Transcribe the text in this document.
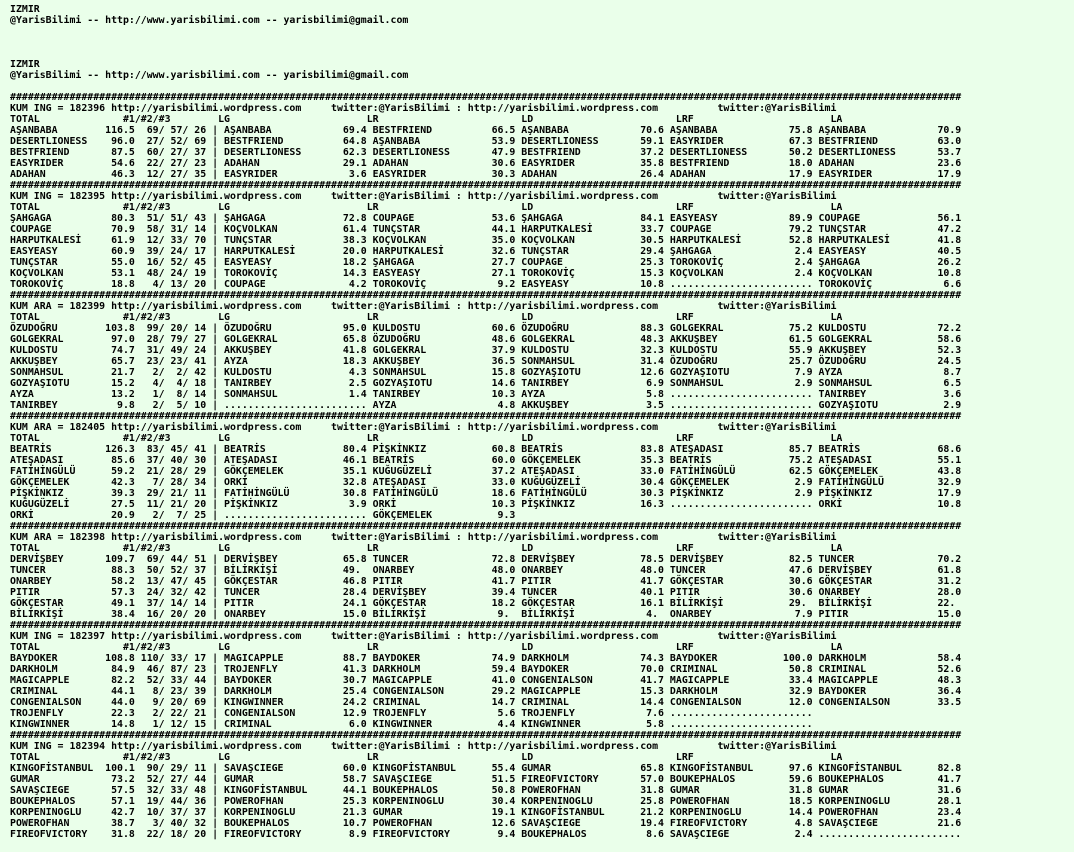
IZMIR
@YarisBilimi -- http://www.yarisbilimi.com -- yarisbilimi@gmail.com
IZMIR
@YarisBilimi -- http://www.yarisbilimi.com -- yarisbilimi@gmail.com
################################################################################################################################################################
KUM ING = 182396 http://yarisbilimi.wordpress.com     twitter:@YarisBilimi : http://yarisbilimi.wordpress.com          twitter:@YarisBilimi
TOTAL              #1/#2/#3        LG                       LR                        LD                        LRF                       LA
AŞANBABA        116.5  69/ 57/ 26 | AŞANBABA            69.4 BESTFRIEND          66.5 AŞANBABA            70.6 AŞANBABA            75.8 AŞANBABA            70.9
DESERTLIONESS    96.0  27/ 52/ 69 | BESTFRIEND          64.8 AŞANBABA            53.9 DESERTLIONESS       59.1 EASYRIDER           67.3 BESTFRIEND          63.0
BESTFRIEND       87.5  60/ 27/ 37 | DESERTLIONESS       62.3 DESERTLIONESS       47.9 BESTFRIEND          37.2 DESERTLIONESS       50.2 DESERTLIONESS       53.7
EASYRIDER        54.6  22/ 27/ 23 | ADAHAN              29.1 ADAHAN              30.6 EASYRIDER           35.8 BESTFRIEND          18.0 ADAHAN              23.6
ADAHAN           46.3  12/ 27/ 35 | EASYRIDER            3.6 EASYRIDER           30.3 ADAHAN              26.4 ADAHAN              17.9 EASYRIDER           17.9
################################################################################################################################################################
KUM ING = 182395 http://yarisbilimi.wordpress.com     twitter:@YarisBilimi : http://yarisbilimi.wordpress.com          twitter:@YarisBilimi
TOTAL              #1/#2/#3        LG                       LR                        LD                        LRF                       LA
ŞAHGAGA          80.3  51/ 51/ 43 | ŞAHGAGA             72.8 COUPAGE             53.6 ŞAHGAGA             84.1 EASYEASY            89.9 COUPAGE             56.1
COUPAGE          70.9  58/ 31/ 14 | KOÇVOLKAN           61.4 TUNÇSTAR            44.1 HARPUTKALESİ        33.7 COUPAGE             79.2 TUNÇSTAR            47.2
HARPUTKALESİ     61.9  12/ 33/ 70 | TUNÇSTAR            38.3 KOÇVOLKAN           35.0 KOÇVOLKAN           30.5 HARPUTKALESİ        52.8 HARPUTKALESİ        41.8
EASYEASY         60.9  39/ 24/ 17 | HARPUTKALESİ        20.0 HARPUTKALESİ        32.6 TUNÇSTAR            29.4 ŞAHGAGA              2.4 EASYEASY            40.5
TUNÇSTAR         55.0  16/ 52/ 45 | EASYEASY            18.2 ŞAHGAGA             27.7 COUPAGE             25.3 TOROKOVİÇ            2.4 ŞAHGAGA             26.2
KOÇVOLKAN        53.1  48/ 24/ 19 | TOROKOVİÇ           14.3 EASYEASY            27.1 TOROKOVİÇ           15.3 KOÇVOLKAN            2.4 KOÇVOLKAN           10.8
TOROKOVİÇ        18.8   4/ 13/ 20 | COUPAGE              4.2 TOROKOVİÇ            9.2 EASYEASY            10.8 ........................ TOROKOVİÇ            6.6
################################################################################################################################################################
KUM ARA = 182399 http://yarisbilimi.wordpress.com     twitter:@YarisBilimi : http://yarisbilimi.wordpress.com          twitter:@YarisBilimi
TOTAL              #1/#2/#3        LG                       LR                        LD                        LRF                       LA
ÖZUDOĞRU        103.8  99/ 20/ 14 | ÖZUDOĞRU            95.0 KULDOSTU            60.6 ÖZUDOĞRU            88.3 GOLGEKRAL           75.2 KULDOSTU            72.2
GOLGEKRAL        97.0  28/ 79/ 27 | GOLGEKRAL           65.8 ÖZUDOĞRU            48.6 GOLGEKRAL           48.3 AKKUŞBEY            61.5 GOLGEKRAL           58.6
KULDOSTU         74.7  31/ 49/ 24 | AKKUŞBEY            41.8 GOLGEKRAL           37.9 KULDOSTU            32.3 KULDOSTU            55.9 AKKUŞBEY            52.3
AKKUŞBEY         65.7  23/ 23/ 41 | AYZA                18.3 AKKUŞBEY            36.5 SONMAHSUL           31.4 ÖZUDOĞRU            25.7 ÖZUDOĞRU            24.5
SONMAHSUL        21.7   2/  2/ 42 | KULDOSTU             4.3 SONMAHSUL           15.8 GOZYAŞIOTU          12.6 GOZYAŞIOTU           7.9 AYZA                 8.7
GOZYAŞIOTU       15.2   4/  4/ 18 | TANIRBEY             2.5 GOZYAŞIOTU          14.6 TANIRBEY             6.9 SONMAHSUL            2.9 SONMAHSUL            6.5
AYZA             13.2   1/  8/ 14 | SONMAHSUL            1.4 TANIRBEY            10.3 AYZA                 5.8 ........................ TANIRBEY             3.6
TANIRBEY          9.8   2/  5/ 10 | ........................ AYZA                 4.8 AKKUŞBEY             3.5 ........................ GOZYAŞIOTU           2.9
################################################################################################################################################################
KUM ARA = 182405 http://yarisbilimi.wordpress.com     twitter:@YarisBilimi : http://yarisbilimi.wordpress.com          twitter:@YarisBilimi
TOTAL              #1/#2/#3        LG                       LR                        LD                        LRF                       LA
BEATRİS         126.3  83/ 45/ 41 | BEATRİS             80.4 PİŞKİNKIZ           60.8 BEATRİS             83.8 ATEŞADASI           85.7 BEATRİS             68.6
ATEŞADASI        85.6  37/ 40/ 30 | ATEŞADASI           46.1 BEATRİS             60.0 GÖKÇEMELEK          35.3 BEATRİS             75.2 ATEŞADASI           55.1
FATİHİNGÜLÜ      59.2  21/ 28/ 29 | GÖKÇEMELEK          35.1 KUĞUGÜZELİ          37.2 ATEŞADASI           33.0 FATİHİNGÜLÜ         62.5 GÖKÇEMELEK          43.8
GÖKÇEMELEK       42.3   7/ 28/ 34 | ORKİ                32.8 ATEŞADASI           33.0 KUĞUGÜZELİ          30.4 GÖKÇEMELEK           2.9 FATİHİNGÜLÜ         32.9
PİŞKİNKIZ        39.3  29/ 21/ 11 | FATİHİNGÜLÜ         30.8 FATİHİNGÜLÜ         18.6 FATİHİNGÜLÜ         30.3 PİŞKİNKIZ            2.9 PİŞKİNKIZ           17.9
KUĞUGÜZELİ       27.5  11/ 21/ 20 | PİŞKİNKIZ            3.9 ORKİ                10.3 PİŞKİNKIZ           16.3 ........................ ORKİ                10.8
ORKİ             20.9   2/  7/ 25 | ........................ GÖKÇEMELEK           9.3
################################################################################################################################################################
KUM ARA = 182398 http://yarisbilimi.wordpress.com     twitter:@YarisBilimi : http://yarisbilimi.wordpress.com          twitter:@YarisBilimi
TOTAL              #1/#2/#3        LG                       LR                        LD                        LRF                       LA
DERVİŞBEY       109.7  69/ 44/ 51 | DERVİŞBEY           65.8 TUNCER              72.8 DERVİŞBEY           78.5 DERVİŞBEY           82.5 TUNCER              70.2
TUNCER           88.3  50/ 52/ 37 | BİLİRKİŞİ           49.  ONARBEY             48.0 ONARBEY             48.0 TUNCER              47.6 DERVİŞBEY           61.8
ONARBEY          58.2  13/ 47/ 45 | GÖKÇESTAR           46.8 PITIR               41.7 PITIR               41.7 GÖKÇESTAR           30.6 GÖKÇESTAR           31.2
PITIR            57.3  24/ 32/ 42 | TUNCER              28.4 DERVİŞBEY           39.4 TUNCER              40.1 PITIR               30.6 ONARBEY             28.0
GÖKÇESTAR        49.1  37/ 14/ 14 | PITIR               24.1 GÖKÇESTAR           18.2 GÖKÇESTAR           16.1 BİLİRKİŞİ           29.  BİLİRKİŞİ           22.
BİLİRKİŞİ        38.4  16/ 20/ 20 | ONARBEY             15.0 BİLİRKİŞİ            9.  BİLİRKİŞİ            4.  ONARBEY              7.9 PITIR               15.0
################################################################################################################################################################
KUM ING = 182397 http://yarisbilimi.wordpress.com     twitter:@YarisBilimi : http://yarisbilimi.wordpress.com          twitter:@YarisBilimi
TOTAL              #1/#2/#3        LG                       LR                        LD                        LRF                       LA
BAYDOKER        108.8 110/ 33/ 17 | MAGICAPPLE          88.7 BAYDOKER            74.9 DARKHOLM            74.3 BAYDOKER           100.0 DARKHOLM            58.4
DARKHOLM         84.9  46/ 87/ 23 | TROJENFLY           41.3 DARKHOLM            59.4 BAYDOKER            70.0 CRIMINAL            50.8 CRIMINAL            52.6
MAGICAPPLE       82.2  52/ 33/ 44 | BAYDOKER            30.7 MAGICAPPLE          41.0 CONGENIALSON        41.7 MAGICAPPLE          33.4 MAGICAPPLE          48.3
CRIMINAL         44.1   8/ 23/ 39 | DARKHOLM            25.4 CONGENIALSON        29.2 MAGICAPPLE          15.3 DARKHOLM            32.9 BAYDOKER            36.4
CONGENIALSON     44.0   9/ 20/ 69 | KINGWINNER          24.2 CRIMINAL            14.7 CRIMINAL            14.4 CONGENIALSON        12.0 CONGENIALSON        33.5
TROJENFLY        22.3   2/ 22/ 21 | CONGENIALSON        12.9 TROJENFLY            5.6 TROJENFLY            7.6 ........................
KINGWINNER       14.8   1/ 12/ 15 | CRIMINAL             6.0 KINGWINNER           4.4 KINGWINNER           5.8 ........................
################################################################################################################################################################
KUM ING = 182394 http://yarisbilimi.wordpress.com     twitter:@YarisBilimi : http://yarisbilimi.wordpress.com          twitter:@YarisBilimi
TOTAL              #1/#2/#3        LG                       LR                        LD                        LRF                       LA
KINGOFİSTANBUL  100.1  90/ 29/ 11 | SAVAŞCIEGE          60.0 KINGOFİSTANBUL      55.4 GUMAR               65.8 KINGOFİSTANBUL      97.6 KINGOFİSTANBUL      82.8
GUMAR            73.2  52/ 27/ 44 | GUMAR               58.7 SAVAŞCIEGE          51.5 FIREOFVICTORY       57.0 BOUKEPHALOS         59.6 BOUKEPHALOS         41.7
SAVAŞCIEGE       57.5  32/ 33/ 48 | KINGOFİSTANBUL      44.1 BOUKEPHALOS         50.8 POWEROFHAN          31.8 GUMAR               31.8 GUMAR               31.6
BOUKEPHALOS      57.1  19/ 44/ 36 | POWEROFHAN          25.3 KORPENINOGLU        30.4 KORPENINOGLU        25.8 POWEROFHAN          18.5 KORPENINOGLU        28.1
KORPENINOGLU     42.7  10/ 37/ 37 | KORPENINOGLU        21.3 GUMAR               19.1 KINGOFİSTANBUL      21.2 KORPENINOGLU        14.4 POWEROFHAN          23.4
POWEROFHAN       38.7   3/ 40/ 32 | BOUKEPHALOS         10.7 POWEROFHAN          12.6 SAVAŞCIEGE          19.4 FIREOFVICTORY        4.8 SAVAŞCIEGE          21.6
FIREOFVICTORY    31.8  22/ 18/ 20 | FIREOFVICTORY        8.9 FIREOFVICTORY        9.4 BOUKEPHALOS          8.6 SAVAŞCIEGE           2.4 ........................
